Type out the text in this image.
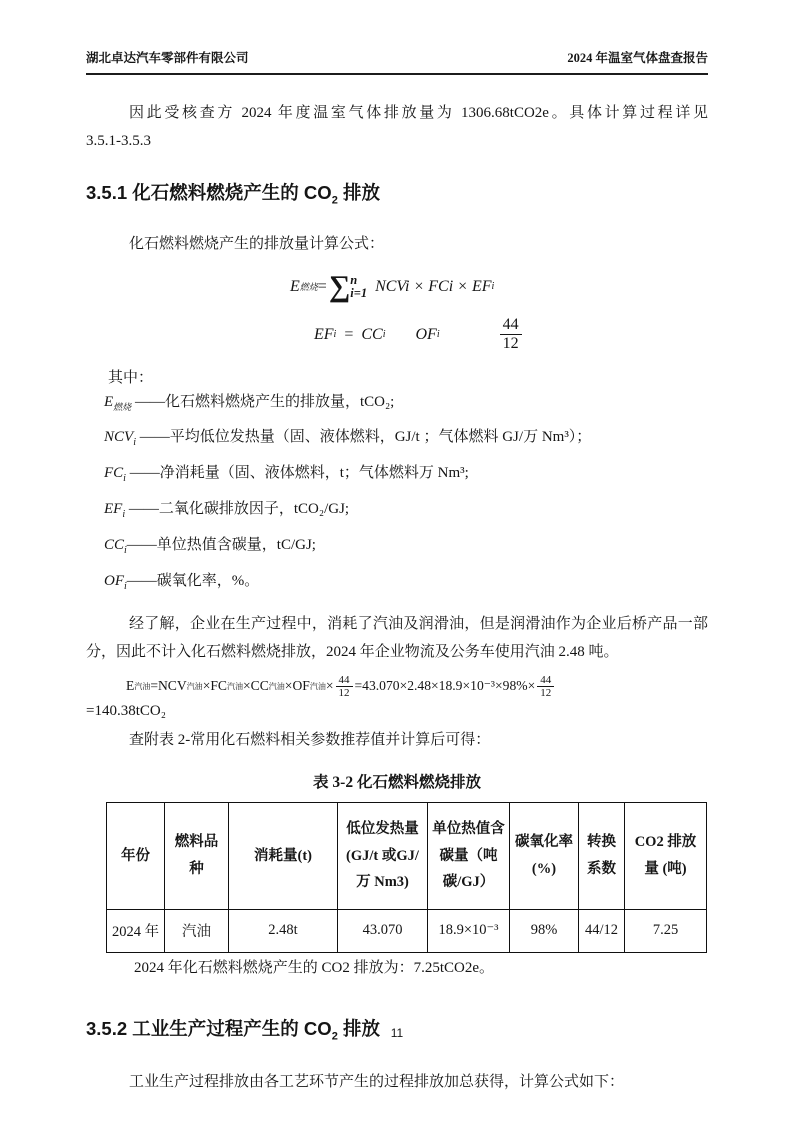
湖北卓达汽车零部件有限公司	2024 年温室气体盘查报告
因此受核查方 2024 年度温室气体排放量为 1306.68tCO2e。具体计算过程详见
3.5.1-3.5.3
3.5.1 化石燃料燃烧产生的 $CO_2$ 排放
化石燃料燃烧产生的排放量计算公式：
E 燃烧 = ∑ n
i=1 NCVi × FCi × EF i
EF i = CC i OF i	$\frac{44}{12}$
其中：
$E_{燃烧}$ ——化石燃料燃烧产生的排放量，tCO₂;
$NCV_i$ ——平均低位发热量（固、液体燃料，GJ/t ；气体燃料 GJ/万 Nm³）；
$FC_i$ ——净消耗量（固、液体燃料，t；气体燃料万 Nm³;
$EF_i$ ——二氧化碳排放因子，tCO₂/GJ;
$CC_i——$单位热值含碳量，tC/GJ;
$OF_i——$碳氧化率，%。
经了解，企业在生产过程中，消耗了汽油及润滑油，但是润滑油作为企业后桥产品一部分，因此不计入化石燃料燃烧排放，2024 年企业物流及公务车使用汽油 2.48 吨。
E 汽油 =NCV 汽油 ×FC 汽油 ×CC 汽油 ×OF 汽油 × $\frac{44}{12} =43.070\times 2.48\times 18.9\times 10^{-3}\times 98\%\times \frac{44}{12}$
=140.38tCO₂
查附表 2-常用化石燃料相关参数推荐值并计算后可得：
表 3-2 化石燃料燃烧排放
年份	燃料品种	消耗量(t)	低位发热量 (GJ/t 或GJ/ 万 Nm3)	单位热值含碳量（吨碳/GJ）	碳氧化率 (%)	转换系数	CO2 排放量 (吨)
2024 年	汽油	2.48t	43.070	18.9×10⁻³	98%	44/12	7.25
2024 年化石燃料燃烧产生的 CO2 排放为：7.25tCO2e。
3.5.2 工业生产过程产生的 $CO_2$ 排放
工业生产过程排放由各工艺环节产生的过程排放加总获得，计算公式如下：
11
